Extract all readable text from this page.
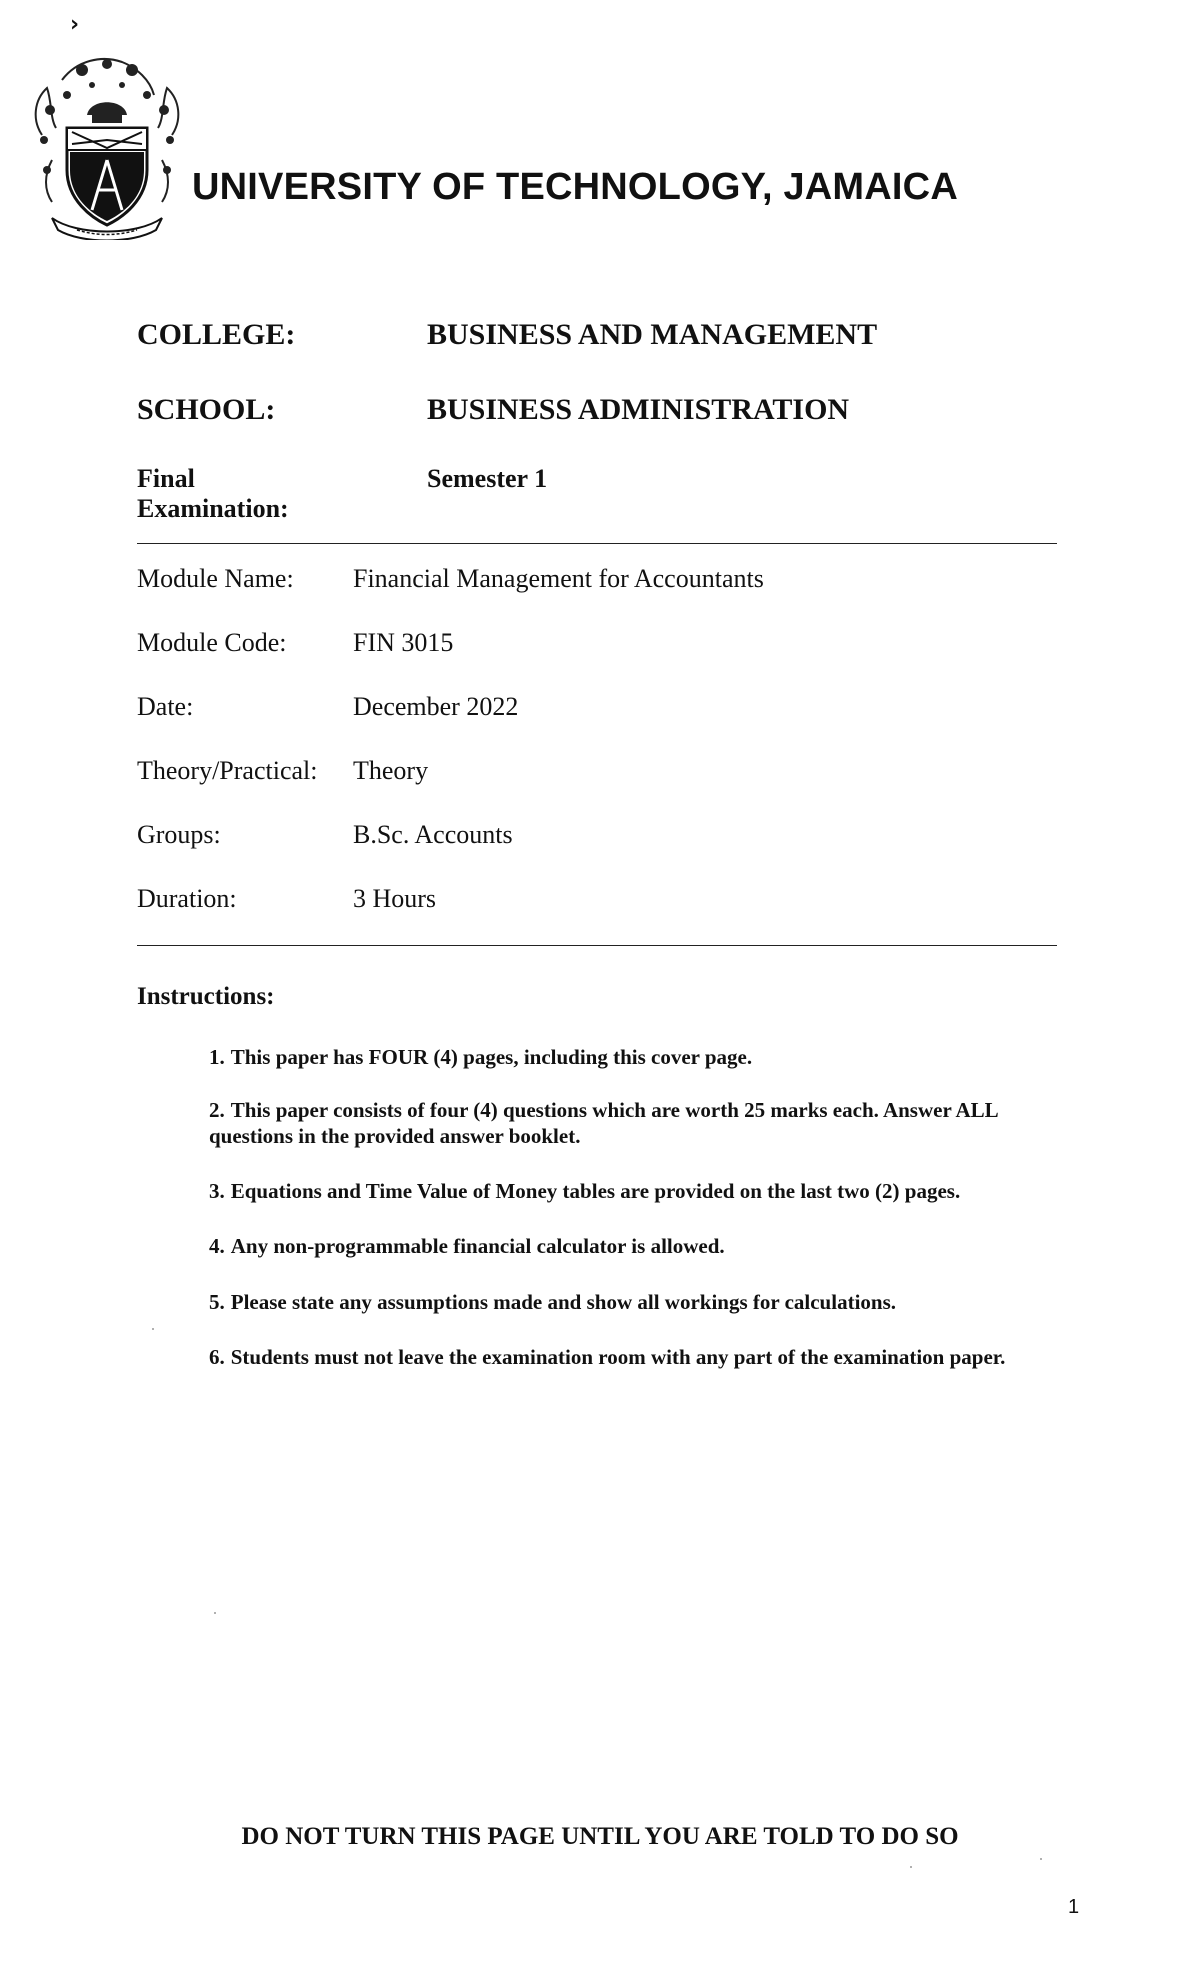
›
UNIVERSITY OF TECHNOLOGY, JAMAICA
COLLEGE:	BUSINESS AND MANAGEMENT
SCHOOL:	BUSINESS ADMINISTRATION
Final Examination:
Semester 1
Module Name: Financial Management for Accountants
Module Code:	FIN 3015
Date:	December 2022
Theory/Practical: Theory
Groups:	B.Sc. Accounts
Duration:	3 Hours
Instructions:
1. This paper has FOUR (4) pages, including this cover page.
2. This paper consists of four (4) questions which are worth 25 marks each. Answer ALL questions in the provided answer booklet.
3. Equations and Time Value of Money tables are provided on the last two (2) pages.
4. Any non-programmable financial calculator is allowed.
5. Please state any assumptions made and show all workings for calculations.
6. Students must not leave the examination room with any part of the examination paper.
DO NOT TURN THIS PAGE UNTIL YOU ARE TOLD TO DO SO
1
